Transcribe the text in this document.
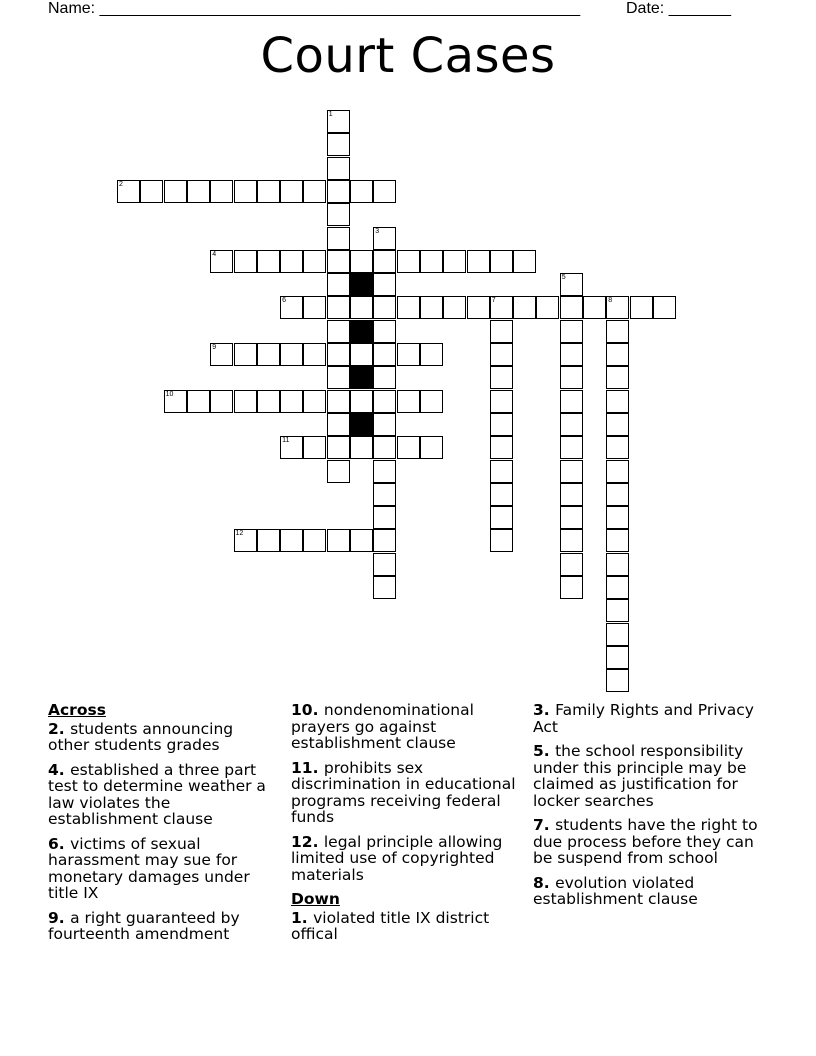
Name: ______________________________________________________	Date: _______
Court Cases
1
2
3
4
5
6	7	8
9
10
11
12
Across
2. students announcing other students grades
4. established a three part test to determine weather a law violates the establishment clause
6. victims of sexual harassment may sue for monetary damages under title IX
9. a right guaranteed by fourteenth amendment
10. nondenominational prayers go against establishment clause
11. prohibits sex discrimination in educational programs receiving federal funds
12. legal principle allowing limited use of copyrighted materials
Down
1. violated title IX district offical
3. Family Rights and Privacy Act
5. the school responsibility under this principle may be claimed as justification for locker searches
7. students have the right to due process before they can be suspend from school
8. evolution violated establishment clause
